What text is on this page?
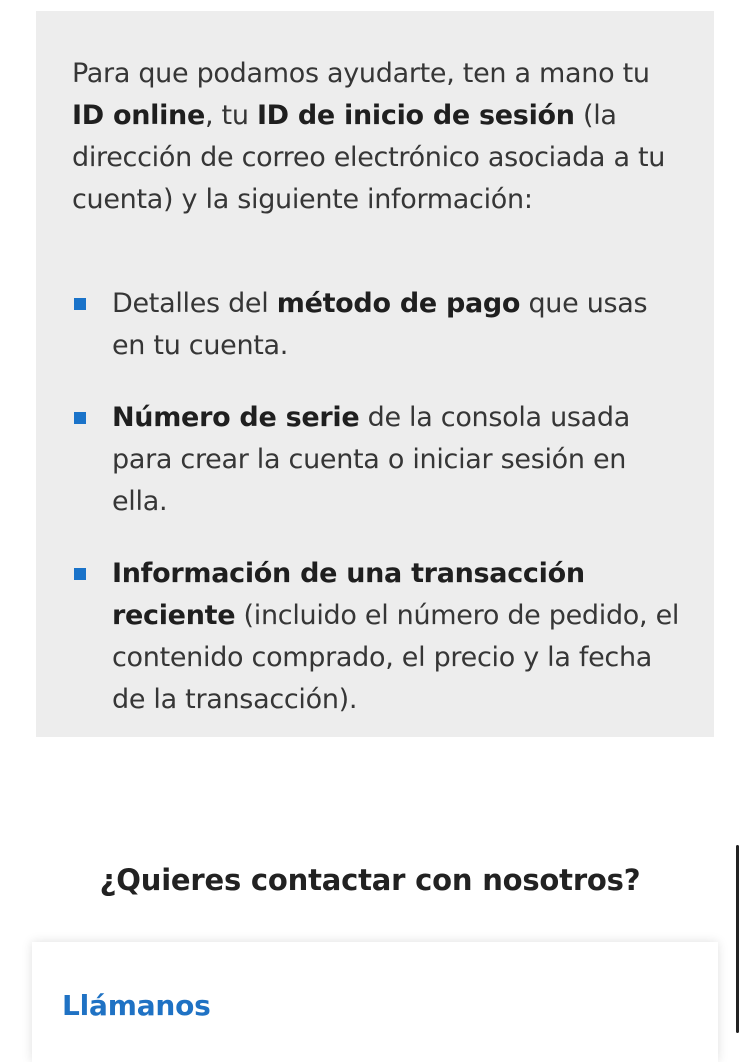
Para que podamos ayudarte, ten a mano tu ID online, tu ID de inicio de sesión (la dirección de correo electrónico asociada a tu cuenta) y la siguiente información:

Detalles del método de pago que usas en tu cuenta.
Número de serie de la consola usada para crear la cuenta o iniciar sesión en ella.
Información de una transacción reciente (incluido el número de pedido, el contenido comprado, el precio y la fecha de la transacción).
¿Quieres contactar con nosotros?
Llámanos
